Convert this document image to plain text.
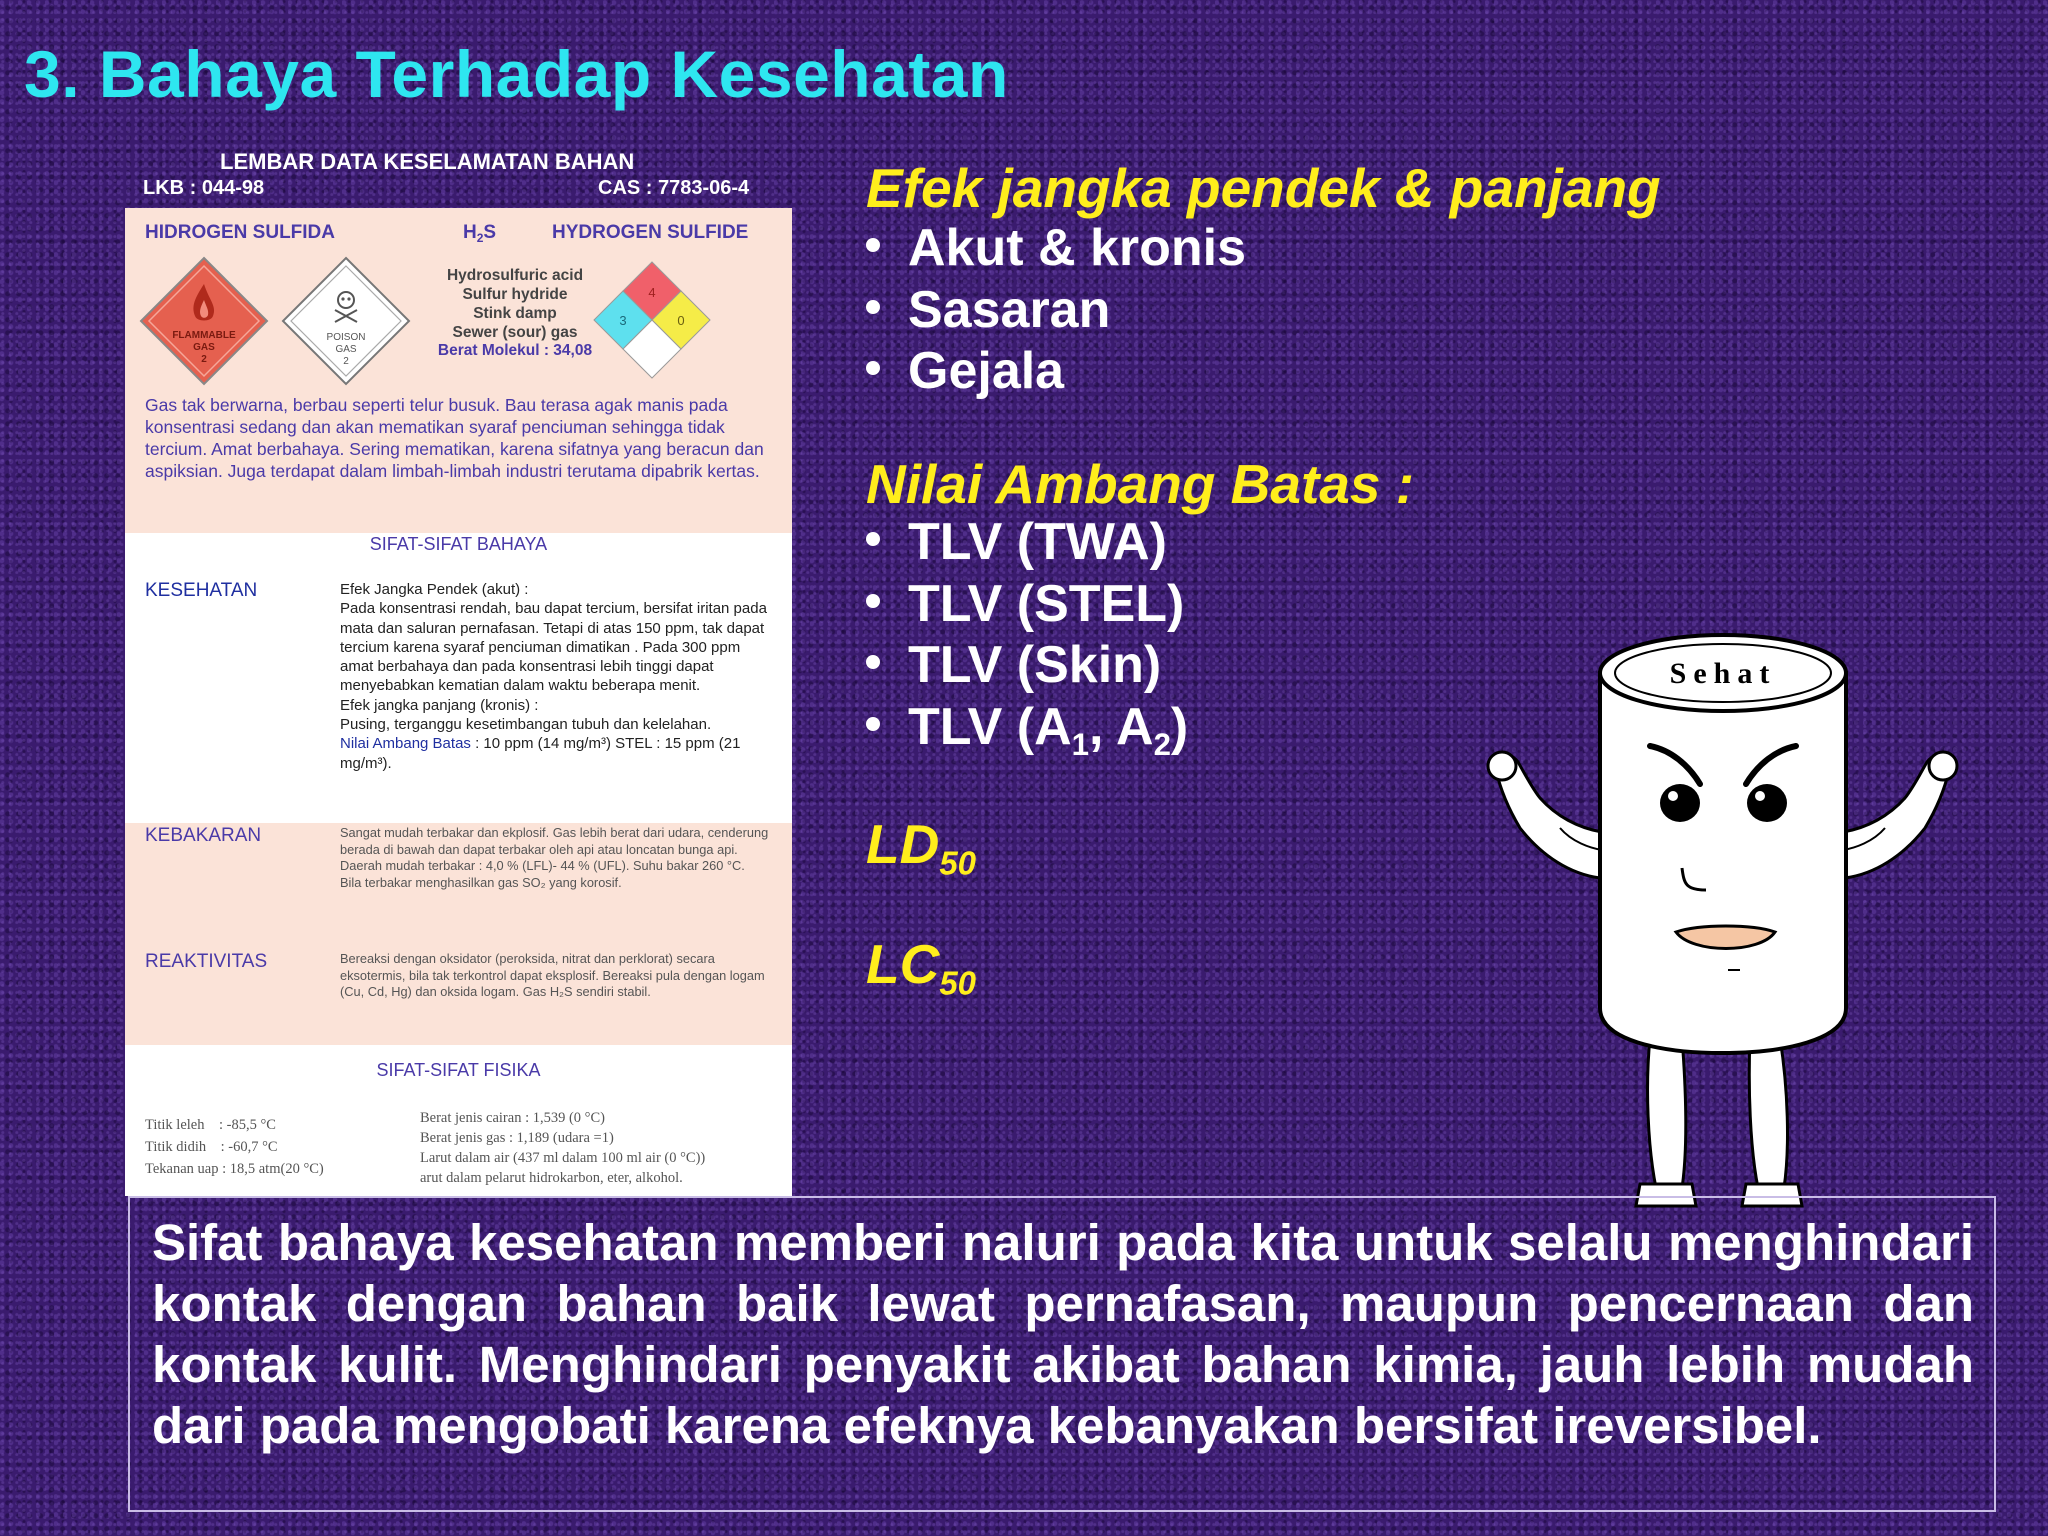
3. Bahaya Terhadap Kesehatan
LEMBAR DATA KESELAMATAN BAHAN
LKB : 044-98	CAS : 7783-06-4
HIDROGEN SULFIDA	$H_2S$	HYDROGEN SULFIDE
FLAMMABLE
GAS
2
POISON
GAS
2
Hydrosulfuric acid
Sulfur hydride
Stink damp
Sewer (sour) gas
Berat Molekul : 34,08
4
3	0
Gas tak berwarna, berbau seperti telur busuk. Bau terasa agak manis pada konsentrasi sedang dan akan mematikan syaraf penciuman sehingga tidak tercium. Amat berbahaya. Sering mematikan, karena sifatnya yang beracun dan aspiksian. Juga terdapat dalam limbah-limbah industri terutama dipabrik kertas.
SIFAT-SIFAT BAHAYA
KESEHATAN	Efek Jangka Pendek (akut) :
Pada konsentrasi rendah, bau dapat tercium, bersifat iritan pada mata dan saluran pernafasan. Tetapi di atas 150 ppm, tak dapat tercium karena syaraf penciuman dimatikan . Pada 300 ppm amat berbahaya dan pada konsentrasi lebih tinggi dapat menyebabkan kematian dalam waktu beberapa menit.
Efek jangka panjang (kronis) :
Pusing, terganggu kesetimbangan tubuh dan kelelahan.
Nilai Ambang Batas : 10 ppm (14 mg/m³) STEL : 15 ppm (21 mg/m³).
KEBAKARAN	Sangat mudah terbakar dan ekplosif. Gas lebih berat dari udara, cenderung berada di bawah dan dapat terbakar oleh api atau loncatan bunga api.
Daerah mudah terbakar : 4,0 % (LFL)- 44 % (UFL). Suhu bakar 260 °C.
Bila terbakar menghasilkan gas SO₂ yang korosif.
REAKTIVITAS	Bereaksi dengan oksidator (peroksida, nitrat dan perklorat) secara eksotermis, bila tak terkontrol dapat eksplosif. Bereaksi pula dengan logam (Cu, Cd, Hg) dan oksida logam. Gas H₂S sendiri stabil.
SIFAT-SIFAT FISIKA
Titik leleh    : -85,5 °C
Titik didih    : -60,7 °C
Tekanan uap : 18,5 atm(20 °C)
Berat jenis cairan : 1,539 (0 °C)
Berat jenis gas : 1,189 (udara =1)
Larut dalam air (437 ml dalam 100 ml air (0 °C))
arut dalam pelarut hidrokarbon, eter, alkohol.
Efek jangka pendek & panjang
Akut & kronis
Sasaran
Gejala
Nilai Ambang Batas :
TLV (TWA)
TLV (STEL)
TLV (Skin)
TLV ($A_1$, $A_2$)
$LD_{50}$
$LC_{50}$
Sehat
Sifat bahaya kesehatan memberi naluri pada kita untuk selalu menghindari kontak dengan bahan baik lewat pernafasan, maupun pencernaan dan kontak kulit. Menghindari penyakit akibat bahan kimia, jauh lebih mudah dari pada mengobati karena efeknya kebanyakan bersifat ireversibel.
